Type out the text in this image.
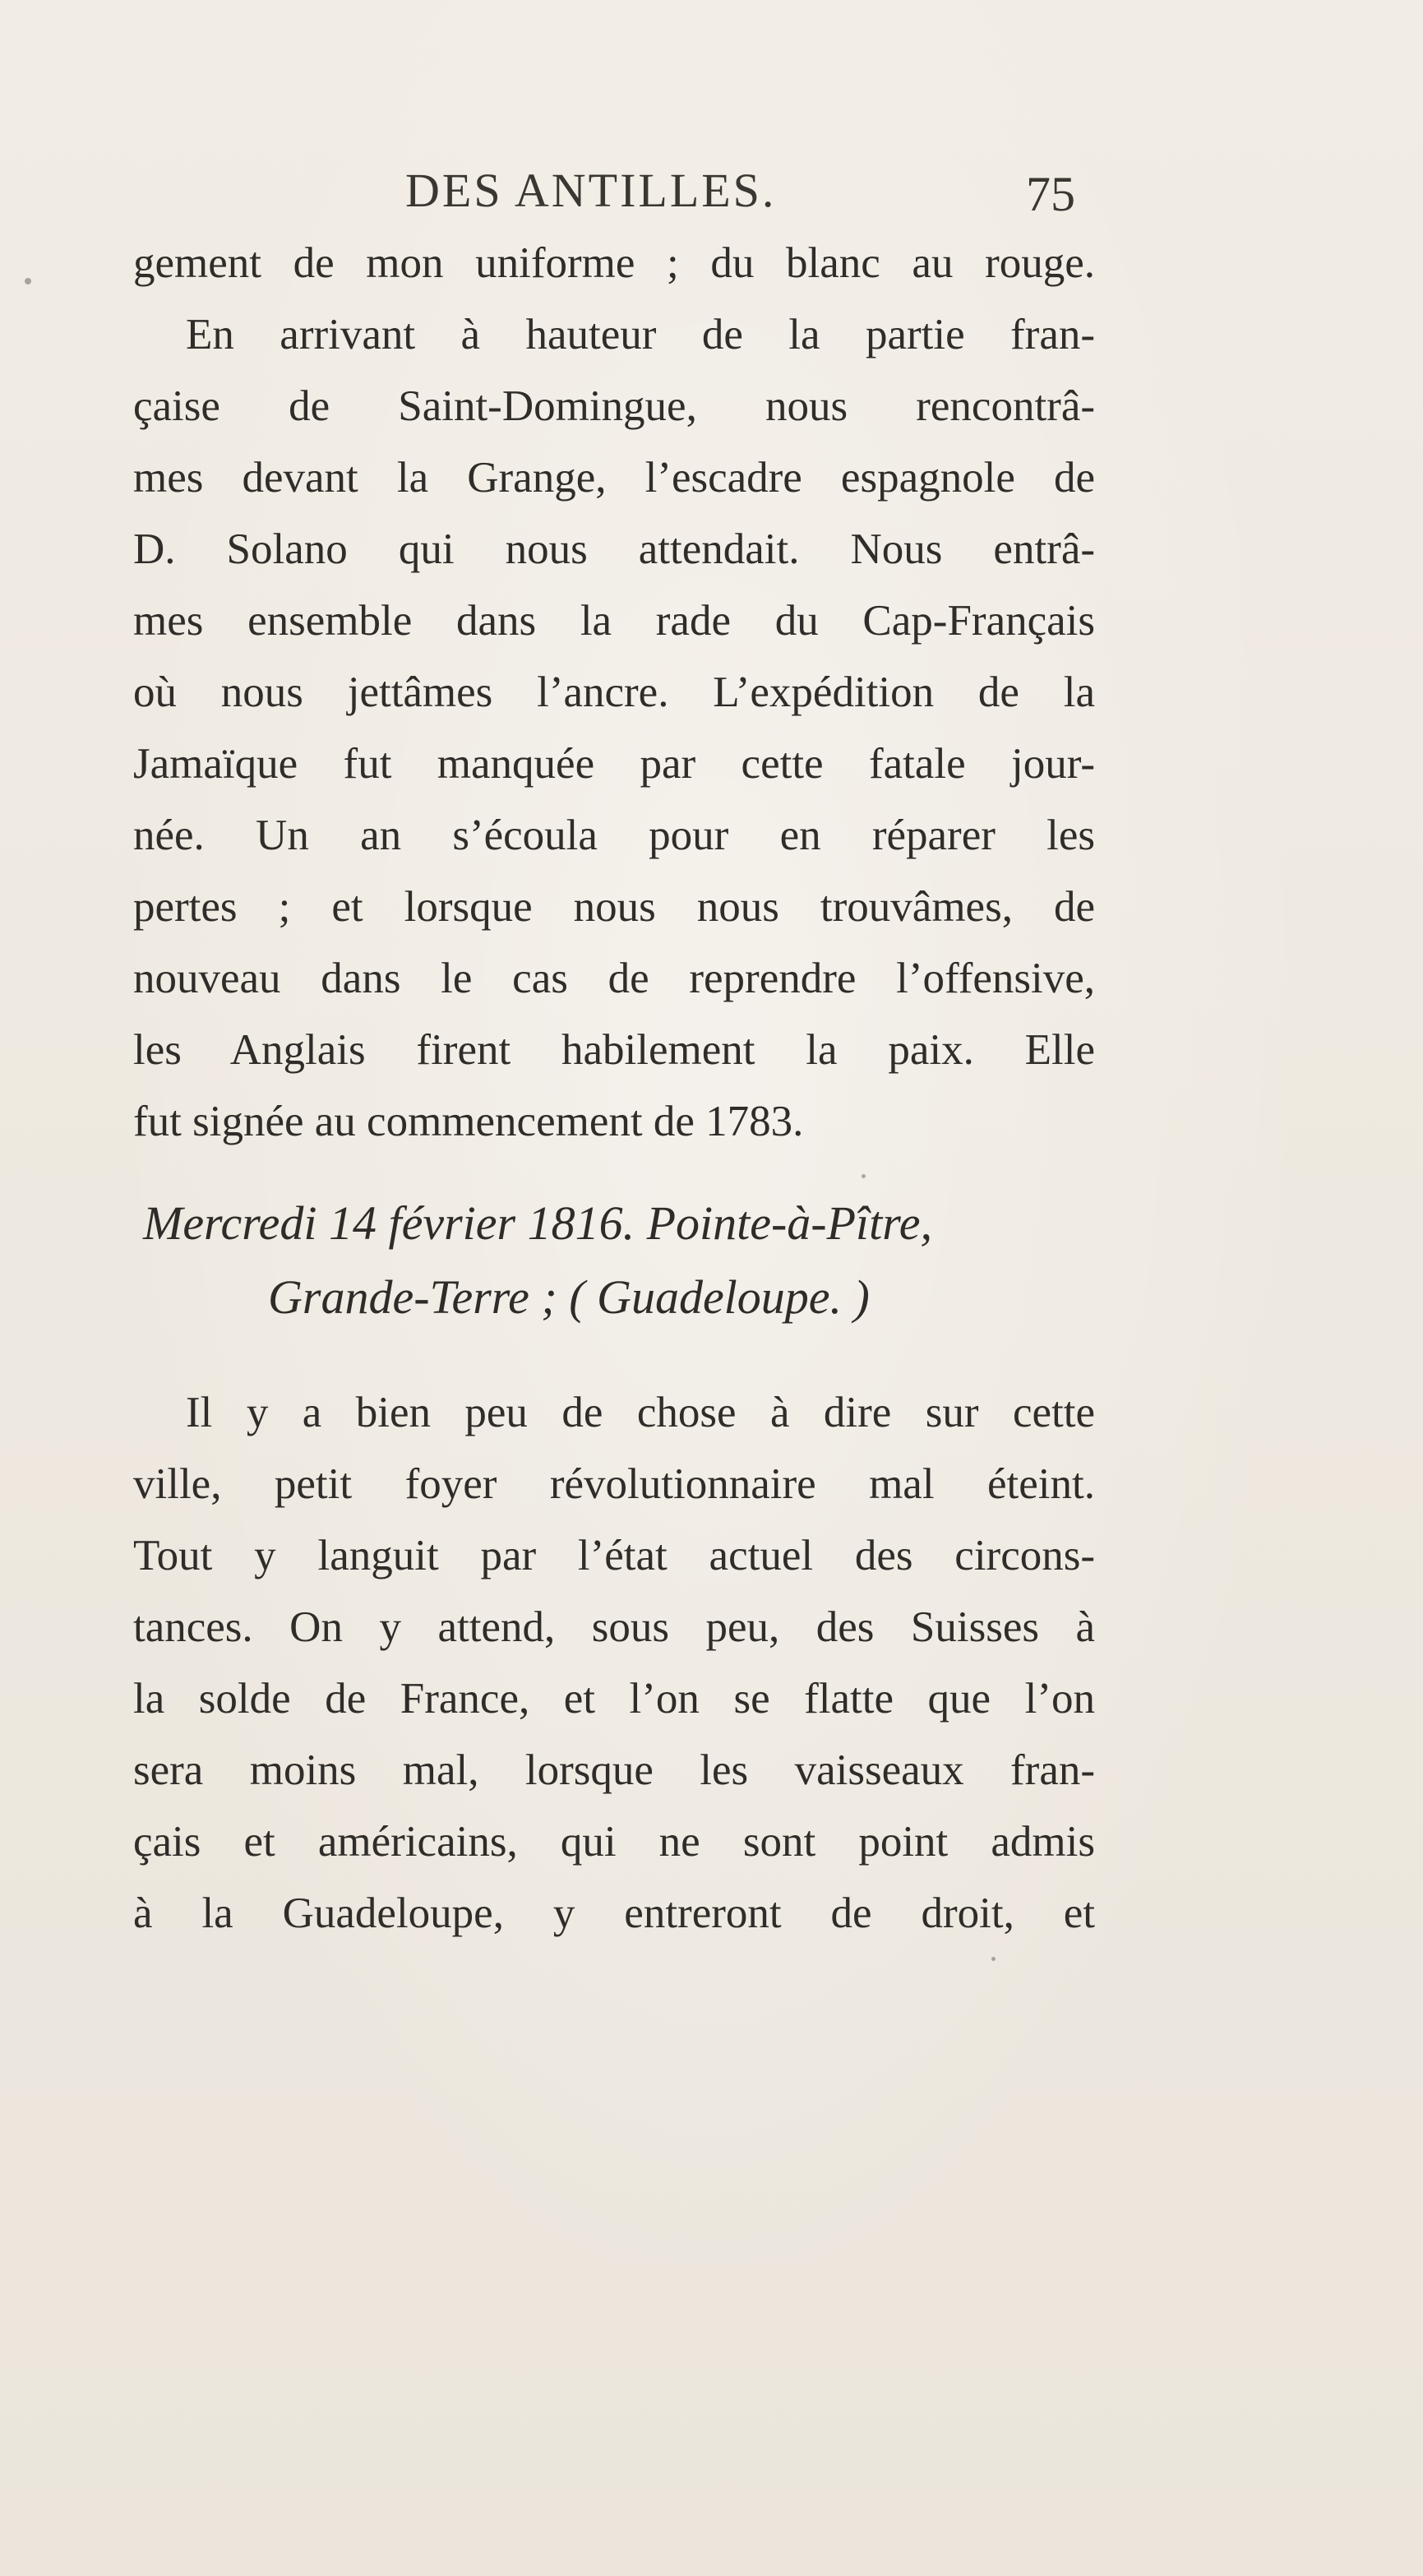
DES ANTILLES.	75
gement de mon uniforme ; du blanc au rouge.
En arrivant à hauteur de la partie fran-
çaise de Saint-Domingue, nous rencontrâ-
mes devant la Grange, l’escadre espagnole de
D. Solano qui nous attendait. Nous entrâ-
mes ensemble dans la rade du Cap-Français
où nous jettâmes l’ancre. L’expédition de la
Jamaïque fut manquée par cette fatale jour-
née. Un an s’écoula pour en réparer les
pertes ; et lorsque nous nous trouvâmes, de
nouveau dans le cas de reprendre l’offensive,
les Anglais firent habilement la paix. Elle
fut signée au commencement de 1783.
Mercredi 14 février 1816. Pointe-à-Pître,
Grande-Terre ; ( Guadeloupe. )
Il y a bien peu de chose à dire sur cette
ville, petit foyer révolutionnaire mal éteint.
Tout y languit par l’état actuel des circons-
tances. On y attend, sous peu, des Suisses à
la solde de France, et l’on se flatte que l’on
sera moins mal, lorsque les vaisseaux fran-
çais et américains, qui ne sont point admis
à la Guadeloupe, y entreront de droit, et
